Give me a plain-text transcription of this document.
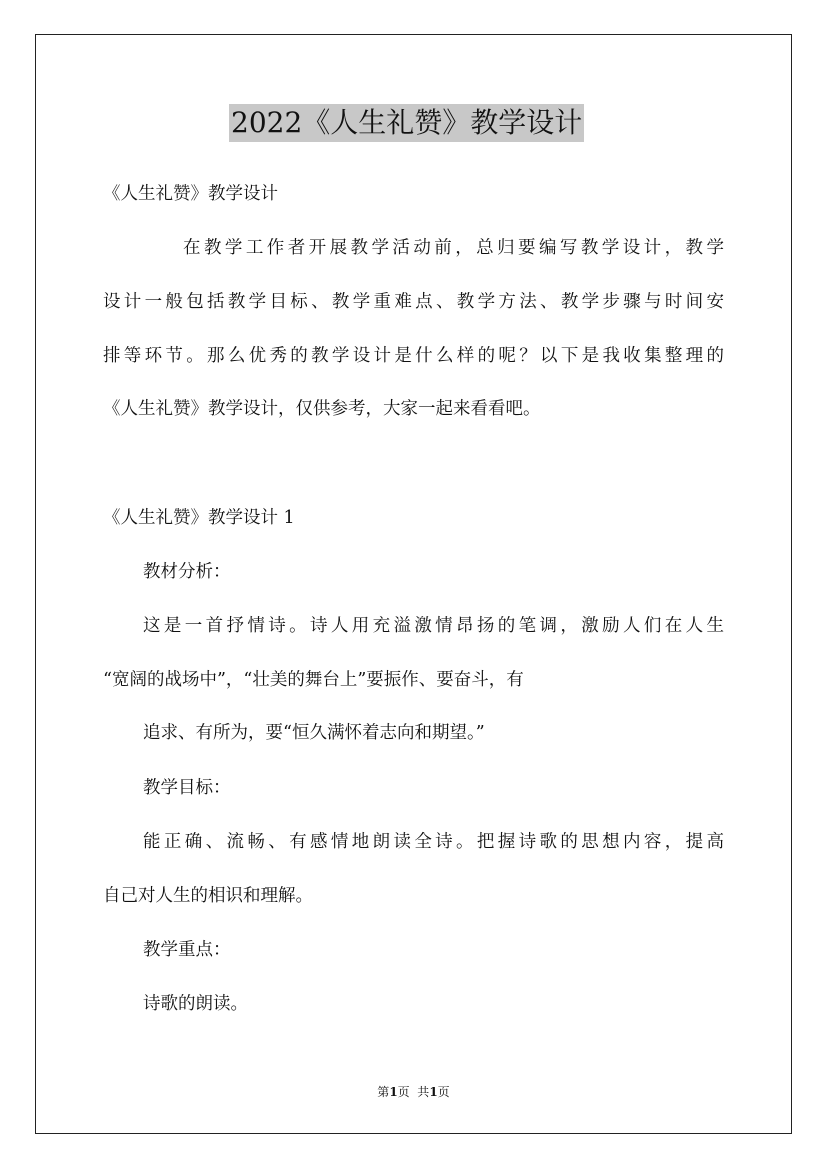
2022《人生礼赞》教学设计
《人生礼赞》教学设计
在教学工作者开展教学活动前，总归要编写教学设计，教学
设计一般包括教学目标、教学重难点、教学方法、教学步骤与时间安
排等环节。那么优秀的教学设计是什么样的呢？以下是我收集整理的
《人生礼赞》教学设计，仅供参考，大家一起来看看吧。
《人生礼赞》教学设计 1
教材分析：
这是一首抒情诗。诗人用充溢激情昂扬的笔调，激励人们在人生
“宽阔的战场中”，“壮美的舞台上”要振作、要奋斗，有
追求、有所为，要“恒久满怀着志向和期望。”
教学目标：
能正确、流畅、有感情地朗读全诗。把握诗歌的思想内容，提高
自己对人生的相识和理解。
教学重点：
诗歌的朗读。
第1页  共1页
